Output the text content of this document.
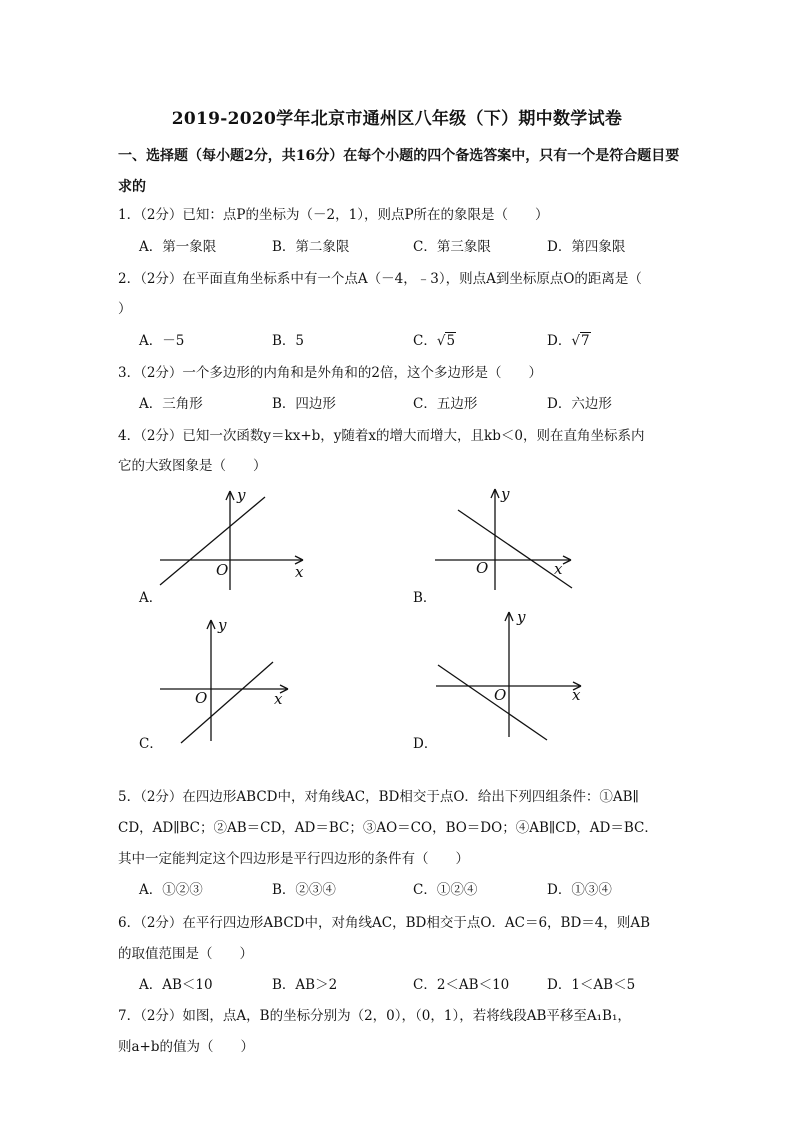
2019-2020学年北京市通州区八年级（下）期中数学试卷
一、选择题（每小题2分，共16分）在每个小题的四个备选答案中，只有一个是符合题目要求的
1．（2分）已知：点P的坐标为（－2，1），则点P所在的象限是（　　）
A．第一象限	B．第二象限	C．第三象限	D．第四象限
2．（2分）在平面直角坐标系中有一个点A（－4，﹣3），则点A到坐标原点O的距离是（
）
A．－5	B．5	C．√5	D．√7
3．（2分）一个多边形的内角和是外角和的2倍，这个多边形是（　　）
A．三角形	B．四边形	C．五边形	D．六边形
4．（2分）已知一次函数y＝kx+b，y随着x的增大而增大，且kb＜0，则在直角坐标系内
它的大致图象是（　　）
y
x
O
A．
y
x
O
B．
y
x
O
C．
y
x
O
D．
5．（2分）在四边形ABCD中，对角线AC，BD相交于点O．给出下列四组条件：①AB∥
CD，AD∥BC；②AB＝CD，AD＝BC；③AO＝CO，BO＝DO；④AB∥CD，AD＝BC．
其中一定能判定这个四边形是平行四边形的条件有（　　）
A．①②③	B．②③④	C．①②④	D．①③④
6．（2分）在平行四边形ABCD中，对角线AC，BD相交于点O．AC＝6，BD＝4，则AB
的取值范围是（　　）
A．AB＜10	B．AB＞2	C．2＜AB＜10	D．1＜AB＜5
7．（2分）如图，点A，B的坐标分别为（2，0），（0，1），若将线段AB平移至A₁B₁，
则a+b的值为（　　）
